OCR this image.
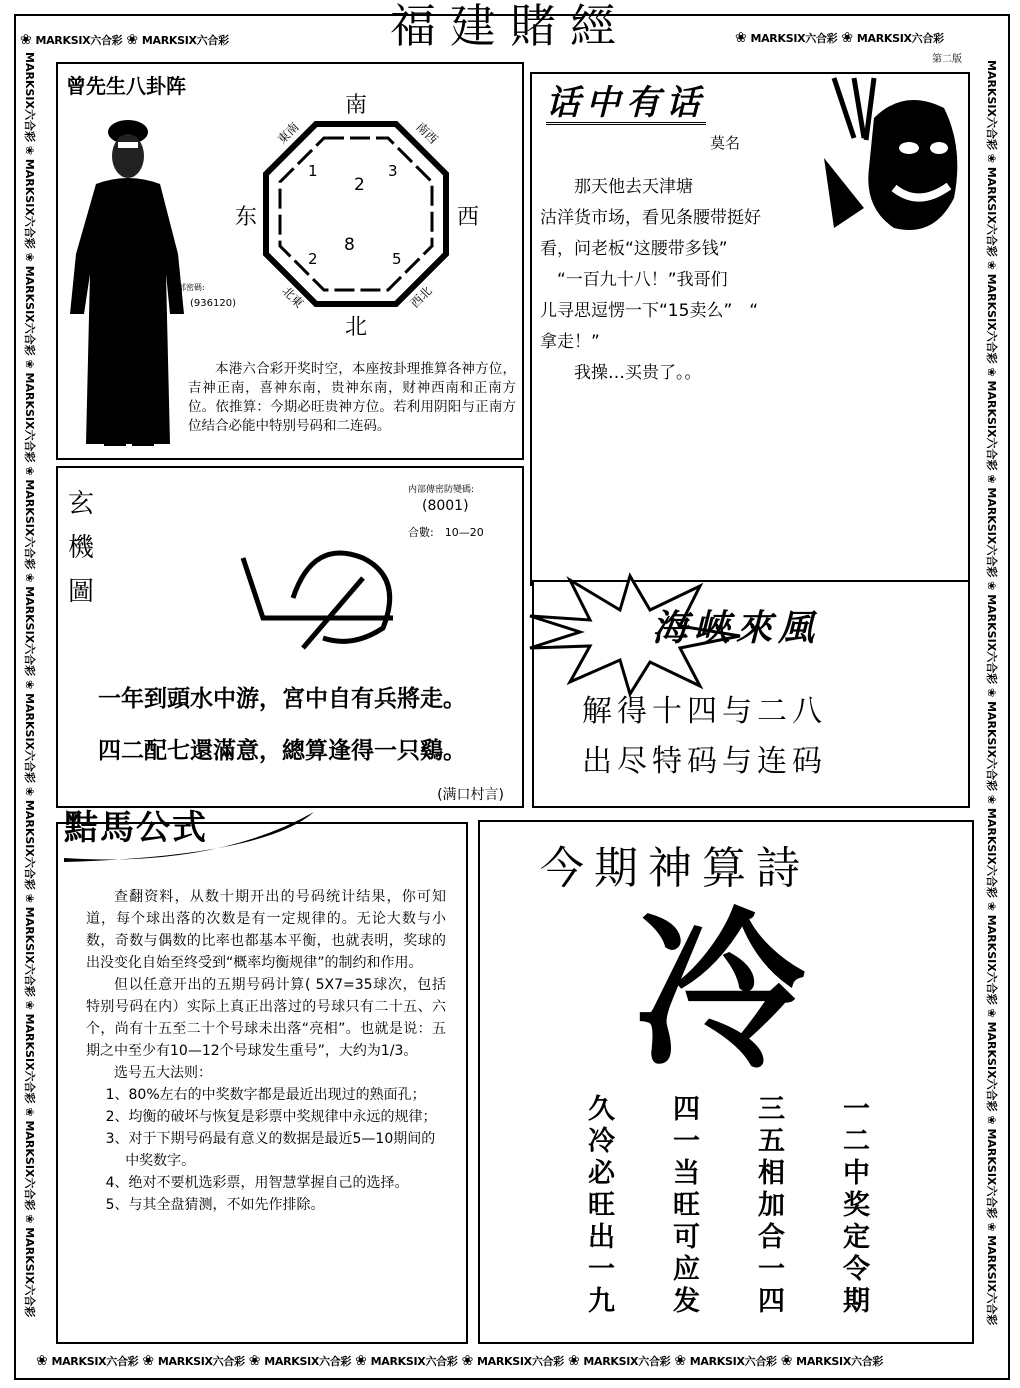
❀ MARKSIX六合彩 ❀ MARKSIX六合彩	福建賭經	❀ MARKSIX六合彩 ❀ MARKSIX六合彩
第二版
MARKSIX六合彩 ❀ MARKSIX六合彩 ❀ MARKSIX六合彩 ❀ MARKSIX六合彩 ❀ MARKSIX六合彩 ❀ MARKSIX六合彩 ❀ MARKSIX六合彩 ❀ MARKSIX六合彩 ❀ MARKSIX六合彩 ❀ MARKSIX六合彩 ❀ MARKSIX六合彩 ❀ MARKSIX六合彩
MARKSIX六合彩 ❀ MARKSIX六合彩 ❀ MARKSIX六合彩 ❀ MARKSIX六合彩 ❀ MARKSIX六合彩 ❀ MARKSIX六合彩 ❀ MARKSIX六合彩 ❀ MARKSIX六合彩 ❀ MARKSIX六合彩 ❀ MARKSIX六合彩 ❀ MARKSIX六合彩 ❀ MARKSIX六合彩
❀ MARKSIX六合彩 ❀ MARKSIX六合彩 ❀ MARKSIX六合彩 ❀ MARKSIX六合彩 ❀ MARKSIX六合彩 ❀ MARKSIX六合彩 ❀ MARKSIX六合彩 ❀ MARKSIX六合彩
曾先生八卦阵
内部密碼:
(936120)
南
北
东	西
東南	南西
北東	西北
1
2
3
2
8
5

本港六合彩开奖时空，本座按卦理推算各神方位，吉神正南，喜神东南，贵神东南，财神西南和正南方位。依推算：今期必旺贵神方位。若利用阴阳与正南方位结合必能中特别号码和二连码。

话中有话
莫名

　　那天他去天津塘

沽洋货市场，看见条腰带挺好

看，问老板“这腰带多钱”

　“一百九十八！”我哥们

儿寻思逗愣一下“15卖么”　“

拿走！”

　　我操…买贵了。。

玄機圖
内部傳密防變碼:
(8001)
合數:　10—20
一年到頭水中游，宮中自有兵將走。
四二配七還滿意，總算逢得一只鷄。
(满口村言)
海峽來風
解得十四与二八
出尽特码与连码
黠馬公式

查翻资料，从数十期开出的号码统计结果，你可知道，每个球出落的次数是有一定规律的。无论大数与小数，奇数与偶数的比率也都基本平衡，也就表明，奖球的出没变化自始至终受到“概率均衡规律”的制约和作用。

但以任意开出的五期号码计算( 5X7=35球次，包括特别号码在内）实际上真正出落过的号球只有二十五、六个，尚有十五至二十个号球未出落“亮相”。也就是说：五期之中至少有10—12个号球发生重号”，大约为1/3。

选号五大法则：

1、80%左右的中奖数字都是最近出现过的熟面孔；

2、均衡的破坏与恢复是彩票中奖规律中永远的规律；

3、对于下期号码最有意义的数据是最近5—10期间的中奖数字。

4、绝对不要机选彩票，用智慧掌握自己的选择。

5、与其全盘猜测，不如先作排除。

今期神算詩
冷
一
二
中
奖
定
令
期
三
五
相
加
合
一
四
四
一
当
旺
可
应
发
久
冷
必
旺
出
一
九
